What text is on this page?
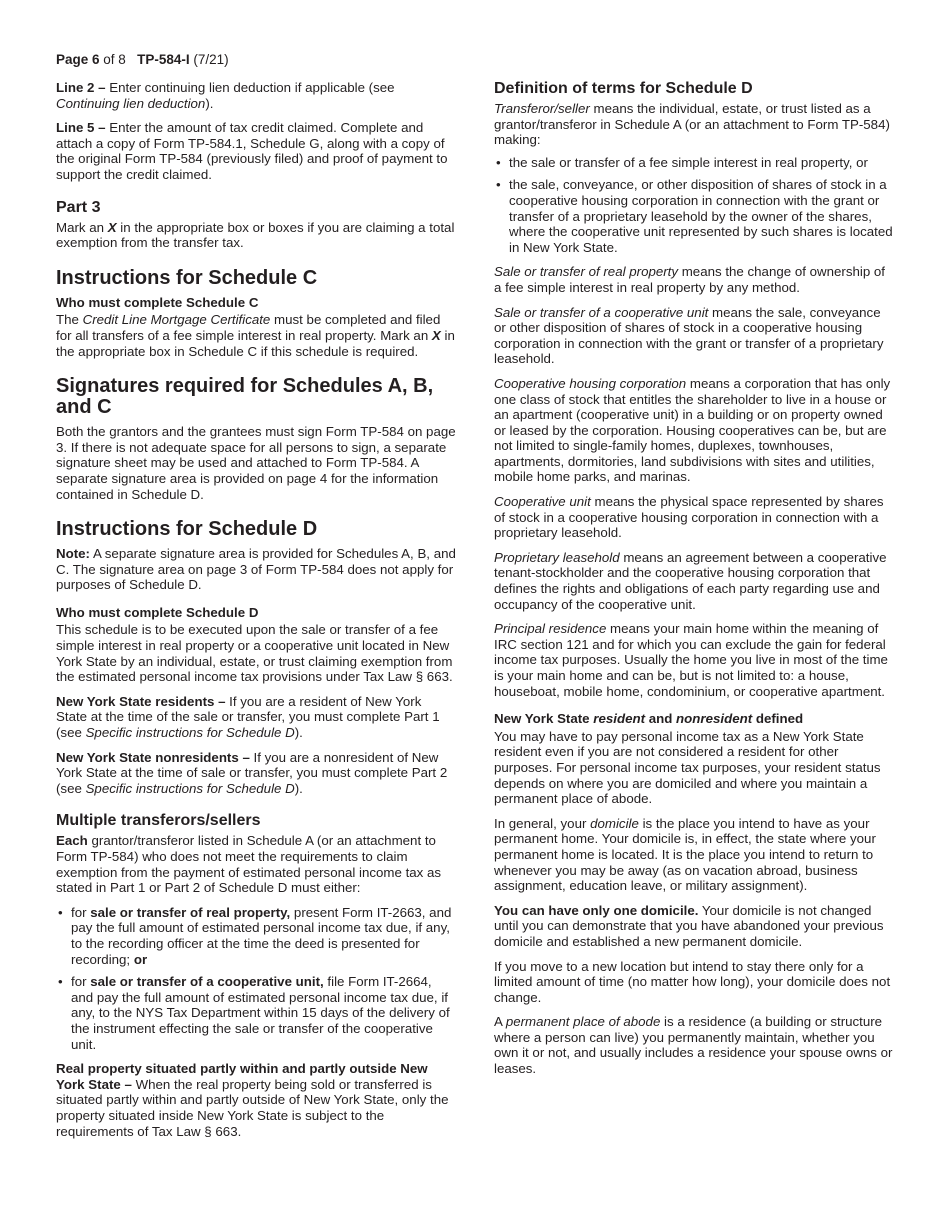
Page 6 of 8 TP-584-I (7/21)

Line 2 – Enter continuing lien deduction if applicable (see Continuing lien deduction).

Line 5 – Enter the amount of tax credit claimed. Complete and attach a copy of Form TP-584.1, Schedule G, along with a copy of the original Form TP-584 (previously filed) and proof of payment to support the credit claimed.

Part 3

Mark an X in the appropriate box or boxes if you are claiming a total exemption from the transfer tax.

Instructions for Schedule C
Who must complete Schedule C

The Credit Line Mortgage Certificate must be completed and filed for all transfers of a fee simple interest in real property. Mark an X in the appropriate box in Schedule C if this schedule is required.

Signatures required for Schedules A, B, and C

Both the grantors and the grantees must sign Form TP-584 on page 3. If there is not adequate space for all persons to sign, a separate signature sheet may be used and attached to Form TP-584. A separate signature area is provided on page 4 for the information contained in Schedule D.

Instructions for Schedule D

Note: A separate signature area is provided for Schedules A, B, and C. The signature area on page 3 of Form TP-584 does not apply for purposes of Schedule D.

Who must complete Schedule D

This schedule is to be executed upon the sale or transfer of a fee simple interest in real property or a cooperative unit located in New York State by an individual, estate, or trust claiming exemption from the estimated personal income tax provisions under Tax Law § 663.

New York State residents – If you are a resident of New York State at the time of the sale or transfer, you must complete Part 1 (see Specific instructions for Schedule D).

New York State nonresidents – If you are a nonresident of New York State at the time of sale or transfer, you must complete Part 2 (see Specific instructions for Schedule D).

Multiple transferors/sellers

Each grantor/transferor listed in Schedule A (or an attachment to Form TP-584) who does not meet the requirements to claim exemption from the payment of estimated personal income tax as stated in Part 1 or Part 2 of Schedule D must either:

• for sale or transfer of real property, present Form IT-2663, and pay the full amount of estimated personal income tax due, if any, to the recording officer at the time the deed is presented for recording; or
• for sale or transfer of a cooperative unit, file Form IT-2664, and pay the full amount of estimated personal income tax due, if any, to the NYS Tax Department within 15 days of the delivery of the instrument effecting the sale or transfer of the cooperative unit.

Real property situated partly within and partly outside New York State – When the real property being sold or transferred is situated partly within and partly outside of New York State, only the property situated inside New York State is subject to the requirements of Tax Law § 663.

Definition of terms for Schedule D

Transferor/seller means the individual, estate, or trust listed as a grantor/transferor in Schedule A (or an attachment to Form TP-584) making:

• the sale or transfer of a fee simple interest in real property, or
• the sale, conveyance, or other disposition of shares of stock in a cooperative housing corporation in connection with the grant or transfer of a proprietary leasehold by the owner of the shares, where the cooperative unit represented by such shares is located in New York State.

Sale or transfer of real property means the change of ownership of a fee simple interest in real property by any method.

Sale or transfer of a cooperative unit means the sale, conveyance or other disposition of shares of stock in a cooperative housing corporation in connection with the grant or transfer of a proprietary leasehold.

Cooperative housing corporation means a corporation that has only one class of stock that entitles the shareholder to live in a house or an apartment (cooperative unit) in a building or on property owned or leased by the corporation. Housing cooperatives can be, but are not limited to single-family homes, duplexes, townhouses, apartments, dormitories, land subdivisions with sites and utilities, mobile home parks, and marinas.

Cooperative unit means the physical space represented by shares of stock in a cooperative housing corporation in connection with a proprietary leasehold.

Proprietary leasehold means an agreement between a cooperative tenant-stockholder and the cooperative housing corporation that defines the rights and obligations of each party regarding use and occupancy of the cooperative unit.

Principal residence means your main home within the meaning of IRC section 121 and for which you can exclude the gain for federal income tax purposes. Usually the home you live in most of the time is your main home and can be, but is not limited to: a house, houseboat, mobile home, condominium, or cooperative apartment.

New York State resident and nonresident defined

You may have to pay personal income tax as a New York State resident even if you are not considered a resident for other purposes. For personal income tax purposes, your resident status depends on where you are domiciled and where you maintain a permanent place of abode.

In general, your domicile is the place you intend to have as your permanent home. Your domicile is, in effect, the state where your permanent home is located. It is the place you intend to return to whenever you may be away (as on vacation abroad, business assignment, education leave, or military assignment).

You can have only one domicile. Your domicile is not changed until you can demonstrate that you have abandoned your previous domicile and established a new permanent domicile.

If you move to a new location but intend to stay there only for a limited amount of time (no matter how long), your domicile does not change.

A permanent place of abode is a residence (a building or structure where a person can live) you permanently maintain, whether you own it or not, and usually includes a residence your spouse owns or leases.
